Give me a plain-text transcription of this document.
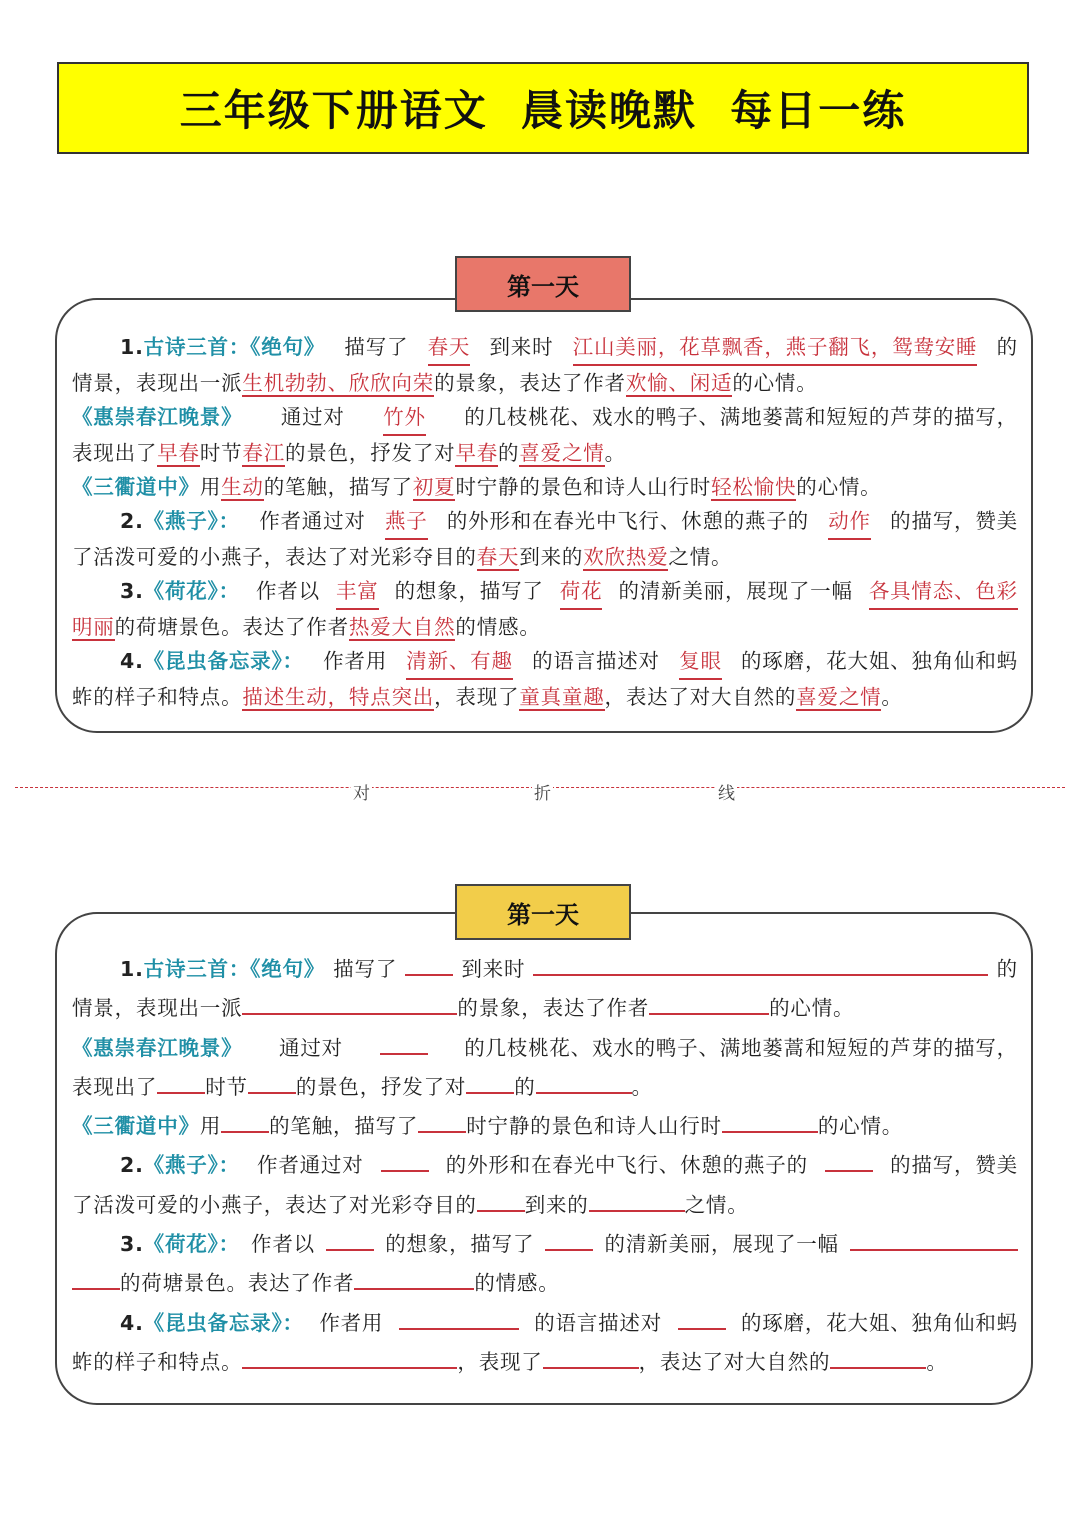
三年级下册语文  晨读晚默  每日一练
第一天
1.古诗三首：《绝句》 描写了 春天 到来时 江山美丽，花草飘香，燕子翻飞，鸳鸯安睡 的
情景，表现出一派生机勃勃、欣欣向荣的景象，表达了作者欢愉、闲适的心情。
《惠崇春江晚景》 通过对 竹外 的几枝桃花、戏水的鸭子、满地蒌蒿和短短的芦芽的描写，
表现出了早春时节春江的景色，抒发了对早春的喜爱之情。
《三衢道中》用生动的笔触，描写了初夏时宁静的景色和诗人山行时轻松愉快的心情。
2.《燕子》： 作者通过对 燕子 的外形和在春光中飞行、休憩的燕子的 动作 的描写，赞美
了活泼可爱的小燕子，表达了对光彩夺目的春天到来的欢欣热爱之情。
3.《荷花》： 作者以 丰富 的想象，描写了 荷花 的清新美丽，展现了一幅 各具情态、色彩
明丽的荷塘景色。表达了作者热爱大自然的情感。
4.《昆虫备忘录》： 作者用 清新、有趣 的语言描述对 复眼 的琢磨，花大姐、独角仙和蚂
蚱的样子和特点。描述生动，特点突出，表现了童真童趣，表达了对大自然的喜爱之情。
对	折	线
第一天
1.古诗三首：《绝句》 描写了	到来时	的
情景，表现出一派	的景象，表达了作者	的心情。
《惠崇春江晚景》 通过对	的几枝桃花、戏水的鸭子、满地蒌蒿和短短的芦芽的描写，
表现出了 时节 的景色，抒发了对 的	。
《三衢道中》用 的笔触，描写了 时宁静的景色和诗人山行时	的心情。
2.《燕子》： 作者通过对	的外形和在春光中飞行、休憩的燕子的	的描写，赞美
了活泼可爱的小燕子，表达了对光彩夺目的 到来的	之情。
3.《荷花》： 作者以	的想象，描写了	的清新美丽，展现了一幅
的荷塘景色。表达了作者	的情感。
4.《昆虫备忘录》： 作者用	的语言描述对	的琢磨，花大姐、独角仙和蚂
蚱的样子和特点。	，表现了	，表达了对大自然的	。
